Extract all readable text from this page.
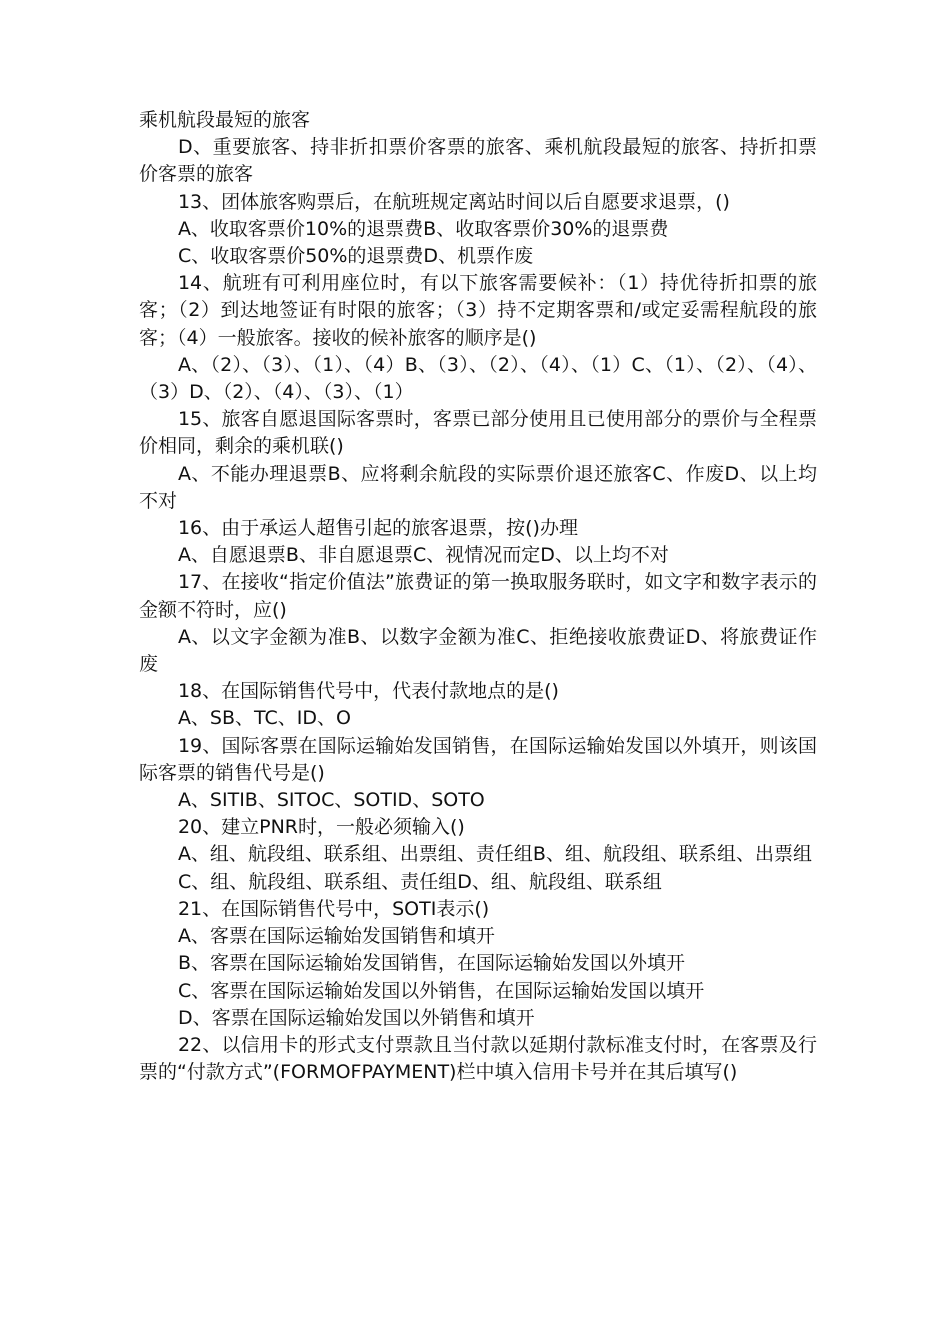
乘机航段最短的旅客

D、重要旅客、持非折扣票价客票的旅客、乘机航段最短的旅客、持折扣票价客票的旅客

13、团体旅客购票后，在航班规定离站时间以后自愿要求退票，()

A、收取客票价10%的退票费B、收取客票价30%的退票费

C、收取客票价50%的退票费D、机票作废

14、航班有可利用座位时，有以下旅客需要候补：（1）持优待折扣票的旅客；（2）到达地签证有时限的旅客；（3）持不定期客票和/或定妥需程航段的旅客；（4）一般旅客。接收的候补旅客的顺序是()

A、（2）、（3）、（1）、（4）B、（3）、（2）、（4）、（1）C、（1）、（2）、（4）、（3）D、（2）、（4）、（3）、（1）

15、旅客自愿退国际客票时，客票已部分使用且已使用部分的票价与全程票价相同，剩余的乘机联()

A、不能办理退票B、应将剩余航段的实际票价退还旅客C、作废D、以上均不对

16、由于承运人超售引起的旅客退票，按()办理

A、自愿退票B、非自愿退票C、视情况而定D、以上均不对

17、在接收“指定价值法”旅费证的第一换取服务联时，如文字和数字表示的金额不符时，应()

A、以文字金额为准B、以数字金额为准C、拒绝接收旅费证D、将旅费证作废

18、在国际销售代号中，代表付款地点的是()

A、SB、TC、ID、O

19、国际客票在国际运输始发国销售，在国际运输始发国以外填开，则该国际客票的销售代号是()

A、SITIB、SITOC、SOTID、SOTO

20、建立PNR时，一般必须输入()

A、组、航段组、联系组、出票组、责任组B、组、航段组、联系组、出票组

C、组、航段组、联系组、责任组D、组、航段组、联系组

21、在国际销售代号中，SOTI表示()

A、客票在国际运输始发国销售和填开

B、客票在国际运输始发国销售，在国际运输始发国以外填开

C、客票在国际运输始发国以外销售，在国际运输始发国以填开

D、客票在国际运输始发国以外销售和填开

22、以信用卡的形式支付票款且当付款以延期付款标准支付时，在客票及行票的“付款方式”(FORMOFPAYMENT)栏中填入信用卡号并在其后填写()
